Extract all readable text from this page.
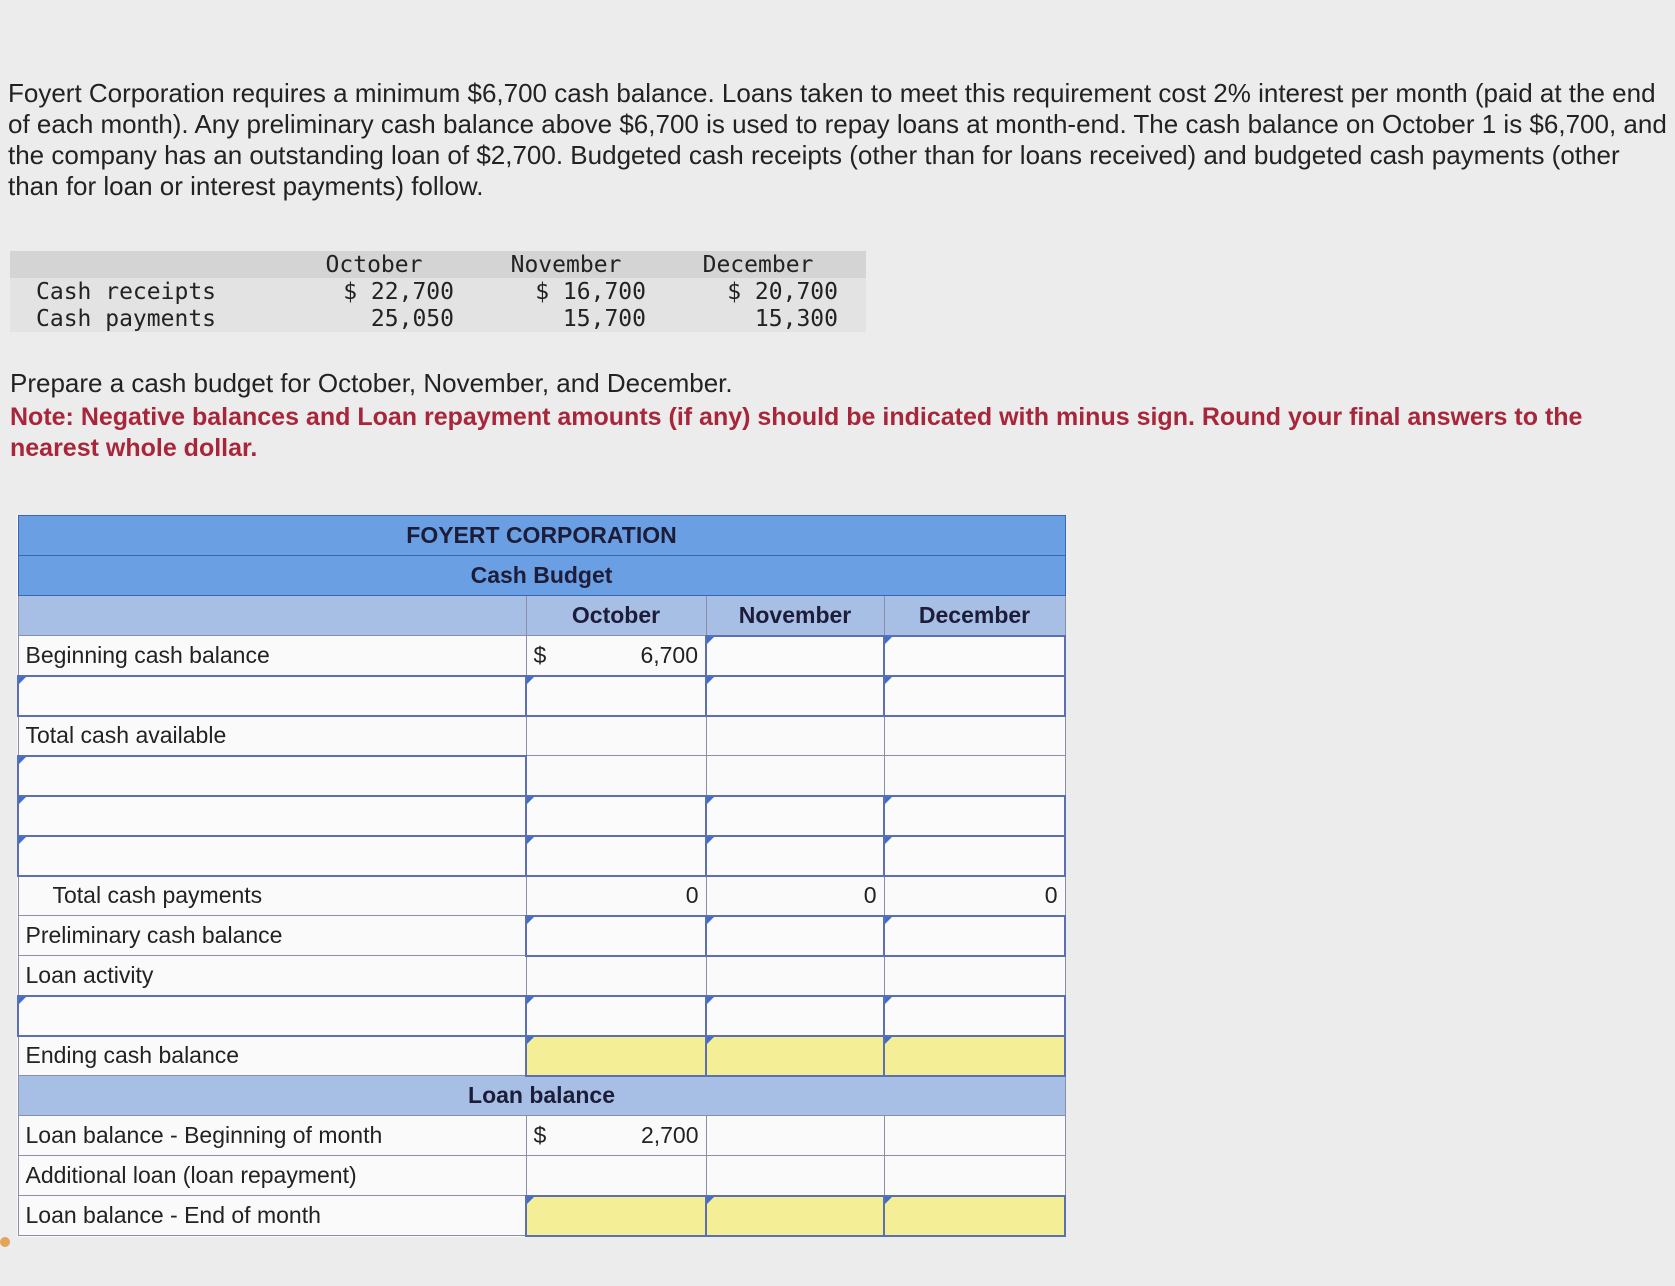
Foyert Corporation requires a minimum $6,700 cash balance. Loans taken to meet this requirement cost 2% interest per month (paid at the end of each month). Any preliminary cash balance above $6,700 is used to repay loans at month-end. The cash balance on October 1 is $6,700, and the company has an outstanding loan of $2,700. Budgeted cash receipts (other than for loans received) and budgeted cash payments (other than for loan or interest payments) follow.
	October	November	December
Cash receipts	$ 22,700	$ 16,700	$ 20,700
Cash payments	25,050	15,700	15,300
Prepare a cash budget for October, November, and December.
Note: Negative balances and Loan repayment amounts (if any) should be indicated with minus sign. Round your final answers to the nearest whole dollar.
FOYERT CORPORATION			
Cash Budget			
	October	November	December
Beginning cash balance	$ 6,700		

Total cash available			

Total cash payments	0	0	0
Preliminary cash balance			
Loan activity			

Ending cash balance			
Loan balance			
Loan balance - Beginning of month	$ 2,700		
Additional loan (loan repayment)			
Loan balance - End of month			
